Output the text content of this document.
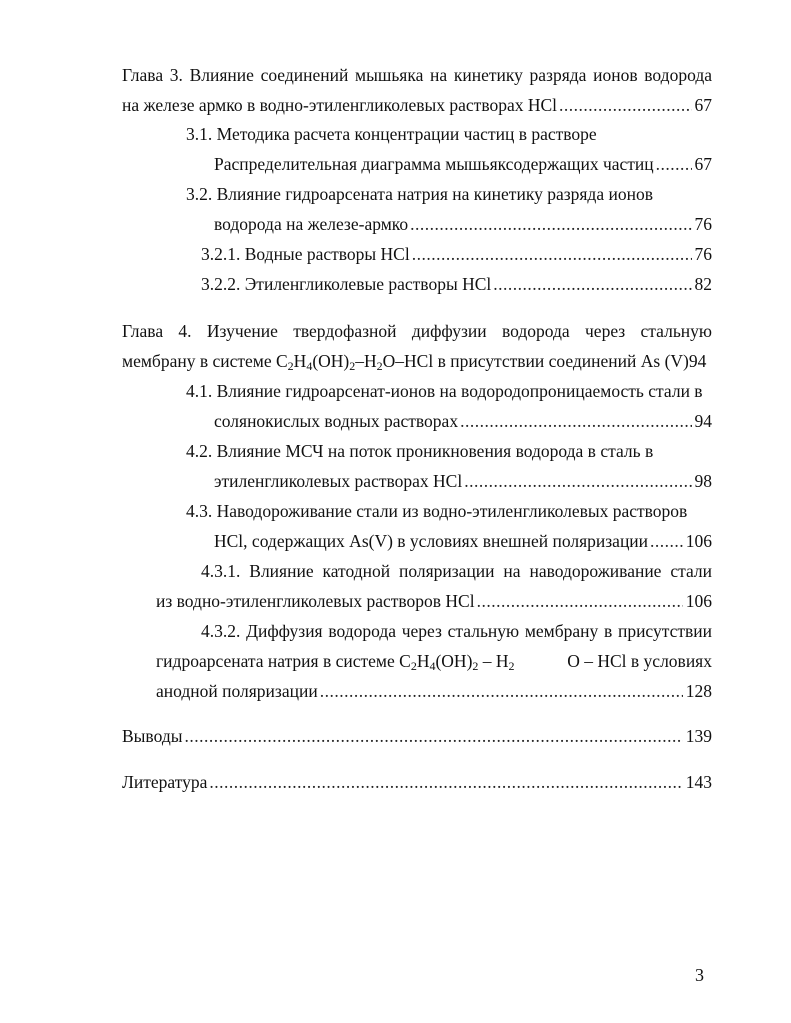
Глава 3. Влияние соединений мышьяка на кинетику разряда ионов водорода
на железе армко в водно-этиленгликолевых растворах HCl .....	67
3.1. Методика расчета концентрации частиц в растворе
Распределительная диаграмма мышьяксодержащих частиц ..... 67
3.2. Влияние гидроарсената натрия на кинетику разряда ионов
водорода на железе-армко .....	76
3.2.1. Водные растворы HCl .....	76
3.2.2. Этиленгликолевые растворы HCl .....	82
Глава 4. Изучение твердофазной диффузии водорода через стальную
мембрану в системе $C_2H_4(OH)_2-H_2O$–HCl в присутствии соединений As (V)94
4.1. Влияние гидроарсенат-ионов на водородопроницаемость стали в
солянокислых водных растворах .....	94
4.2. Влияние МСЧ на поток проникновения водорода в сталь в
этиленгликолевых растворах HCl .....	98
4.3. Наводороживание стали из водно-этиленгликолевых растворов
HCl, содержащих As(V) в условиях внешней поляризации ..... 106
4.3.1. Влияние катодной поляризации на наводороживание стали
из водно-этиленгликолевых растворов HCl .....	106
4.3.2. Диффузия водорода через стальную мембрану в присутствии
гидроарсената натрия в системе $C_2H_4(OH)_2 - H_2$	O – HCl в условиях
анодной поляризации .....	128
Выводы .....	139
Литература .....	143
3
